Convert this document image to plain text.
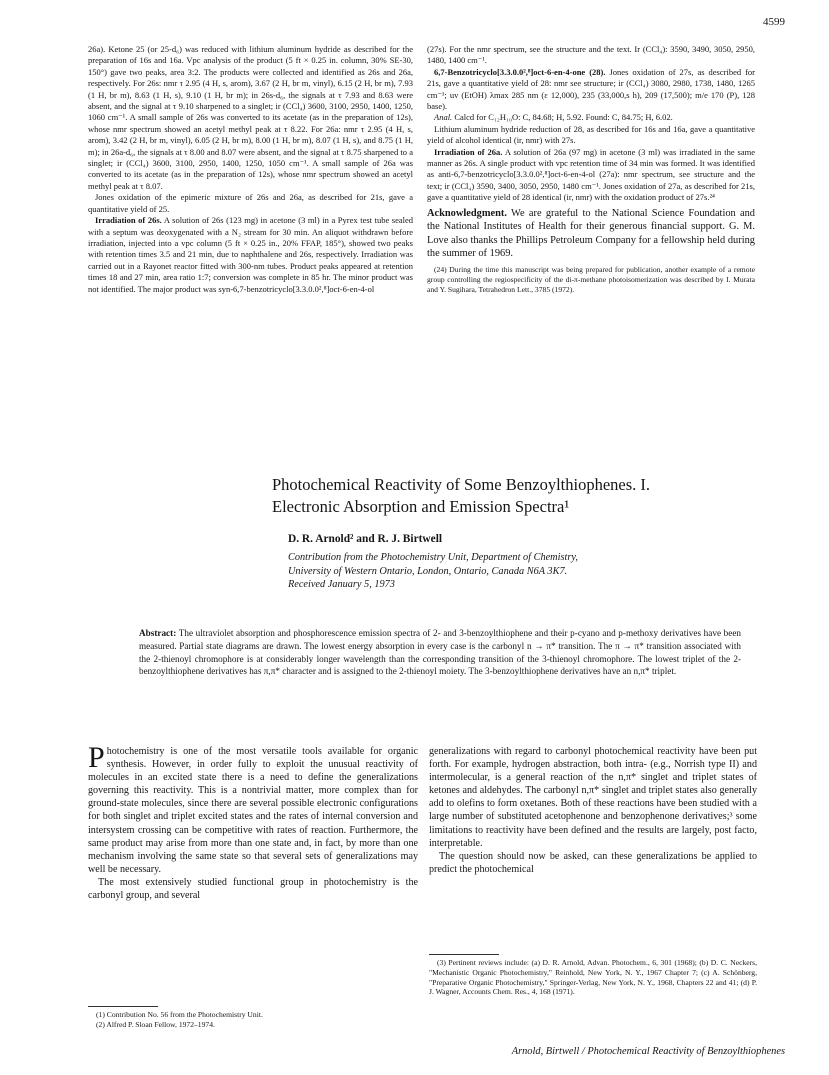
4599

26a). Ketone 25 (or 25-d₆) was reduced with lithium aluminum hydride as described for the preparation of 16s and 16a. Vpc analysis of the product (5 ft × 0.25 in. column, 30% SE-30, 150°) gave two peaks, area 3:2. The products were collected and identified as 26s and 26a, respectively. For 26s: nmr τ 2.95 (4 H, s, arom), 3.67 (2 H, br m, vinyl), 6.15 (2 H, br m), 7.93 (1 H, br m), 8.63 (1 H, s), 9.10 (1 H, br m); in 26s-d₆, the signals at τ 7.93 and 8.63 were absent, and the signal at τ 9.10 sharpened to a singlet; ir (CCl₄) 3600, 3100, 2950, 1400, 1250, 1060 cm⁻¹. A small sample of 26s was converted to its acetate (as in the preparation of 12s), whose nmr spectrum showed an acetyl methyl peak at τ 8.22. For 26a: nmr τ 2.95 (4 H, s, arom), 3.42 (2 H, br m, vinyl), 6.05 (2 H, br m), 8.00 (1 H, br m), 8.07 (1 H, s), and 8.75 (1 H, m); in 26a-d₆, the signals at τ 8.00 and 8.07 were absent, and the signal at τ 8.75 sharpened to a singlet; ir (CCl₄) 3600, 3100, 2950, 1400, 1250, 1050 cm⁻¹. A small sample of 26a was converted to its acetate (as in the preparation of 12s), whose nmr spectrum showed an acetyl methyl peak at τ 8.07.

Jones oxidation of the epimeric mixture of 26s and 26a, as described for 21s, gave a quantitative yield of 25.

Irradiation of 26s. A solution of 26s (123 mg) in acetone (3 ml) in a Pyrex test tube sealed with a septum was deoxygenated with a N₂ stream for 30 min. An aliquot withdrawn before irradiation, injected into a vpc column (5 ft × 0.25 in., 20% FFAP, 185°), showed two peaks with retention times 3.5 and 21 min, due to naphthalene and 26s, respectively. Irradiation was carried out in a Rayonet reactor fitted with 300-nm tubes. Product peaks appeared at retention times 18 and 27 min, area ratio 1:7; conversion was complete in 85 hr. The minor product was not identified. The major product was syn-6,7-benzotricyclo[3.3.0.0²,⁸]oct-6-en-4-ol

(27s). For the nmr spectrum, see the structure and the text. Ir (CCl₄): 3590, 3490, 3050, 2950, 1480, 1400 cm⁻¹.

6,7-Benzotricyclo[3.3.0.0²,⁸]oct-6-en-4-one (28). Jones oxidation of 27s, as described for 21s, gave a quantitative yield of 28: nmr see structure; ir (CCl₄) 3080, 2980, 1738, 1480, 1265 cm⁻¹; uv (EtOH) λmax 285 nm (ε 12,000), 235 (33,000,s h), 209 (17,500); m/e 170 (P), 128 base).

Anal. Calcd for C₁₂H₁₀O: C, 84.68; H, 5.92. Found: C, 84.75; H, 6.02.

Lithium aluminum hydride reduction of 28, as described for 16s and 16a, gave a quantitative yield of alcohol identical (ir, nmr) with 27s.

Irradiation of 26a. A solution of 26a (97 mg) in acetone (3 ml) was irradiated in the same manner as 26s. A single product with vpc retention time of 34 min was formed. It was identified as anti-6,7-benzotricyclo[3.3.0.0²,⁸]oct-6-en-4-ol (27a): nmr spectrum, see structure and the text; ir (CCl₄) 3590, 3400, 3050, 2950, 1480 cm⁻¹. Jones oxidation of 27a, as described for 21s, gave a quantitative yield of 28 identical (ir, nmr) with the oxidation product of 27s.²⁴

Acknowledgment. We are grateful to the National Science Foundation and the National Institutes of Health for their generous financial support. G. M. Love also thanks the Phillips Petroleum Company for a fellowship held during the summer of 1969.

(24) During the time this manuscript was being prepared for publication, another example of a remote group controlling the regiospecificity of the di-π-methane photoisomerization was described by I. Murata and Y. Sugihara, Tetrahedron Lett., 3785 (1972).

Photochemical Reactivity of Some Benzoylthiophenes. I.
Electronic Absorption and Emission Spectra¹
D. R. Arnold² and R. J. Birtwell
Contribution from the Photochemistry Unit, Department of Chemistry,
University of Western Ontario, London, Ontario, Canada N6A 3K7.
Received January 5, 1973
Abstract: The ultraviolet absorption and phosphorescence emission spectra of 2- and 3-benzoylthiophene and their p-cyano and p-methoxy derivatives have been measured. Partial state diagrams are drawn. The lowest energy absorption in every case is the carbonyl n → π* transition. The π → π* transition associated with the 2-thienoyl chromophore is at considerably longer wavelength than the corresponding transition of the 3-thienoyl chromophore. The lowest triplet of the 2-benzoylthiophene derivatives has π,π* character and is assigned to the 2-thienoyl moiety. The 3-benzoylthiophene derivatives have an n,π* triplet.

Photochemistry is one of the most versatile tools available for organic synthesis. However, in order fully to exploit the unusual reactivity of molecules in an excited state there is a need to define the generalizations governing this reactivity. This is a nontrivial matter, more complex than for ground-state molecules, since there are several possible electronic configurations for both singlet and triplet excited states and the rates of internal conversion and intersystem crossing can be competitive with rates of reaction. Furthermore, the same product may arise from more than one state and, in fact, by more than one mechanism involving the same state so that several sets of generalizations may well be necessary.

The most extensively studied functional group in photochemistry is the carbonyl group, and several

(1) Contribution No. 56 from the Photochemistry Unit.
(2) Alfred P. Sloan Fellow, 1972–1974.

generalizations with regard to carbonyl photochemical reactivity have been put forth. For example, hydrogen abstraction, both intra- (e.g., Norrish type II) and intermolecular, is a general reaction of the n,π* singlet and triplet states of ketones and aldehydes. The carbonyl n,π* singlet and triplet states also generally add to olefins to form oxetanes. Both of these reactions have been studied with a large number of substituted acetophenone and benzophenone derivatives;³ some limitations to reactivity have been defined and the results are largely, post facto, interpretable.

The question should now be asked, can these generalizations be applied to predict the photochemical

(3) Pertinent reviews include: (a) D. R. Arnold, Advan. Photochem., 6, 301 (1968); (b) D. C. Neckers, "Mechanistic Organic Photochemistry," Reinhold, New York, N. Y., 1967 Chapter 7; (c) A. Schönberg, "Preparative Organic Photochemistry," Springer-Verlag, New York, N. Y., 1968, Chapters 22 and 41; (d) P. J. Wagner, Accounts Chem. Res., 4, 168 (1971).
Arnold, Birtwell / Photochemical Reactivity of Benzoylthiophenes
